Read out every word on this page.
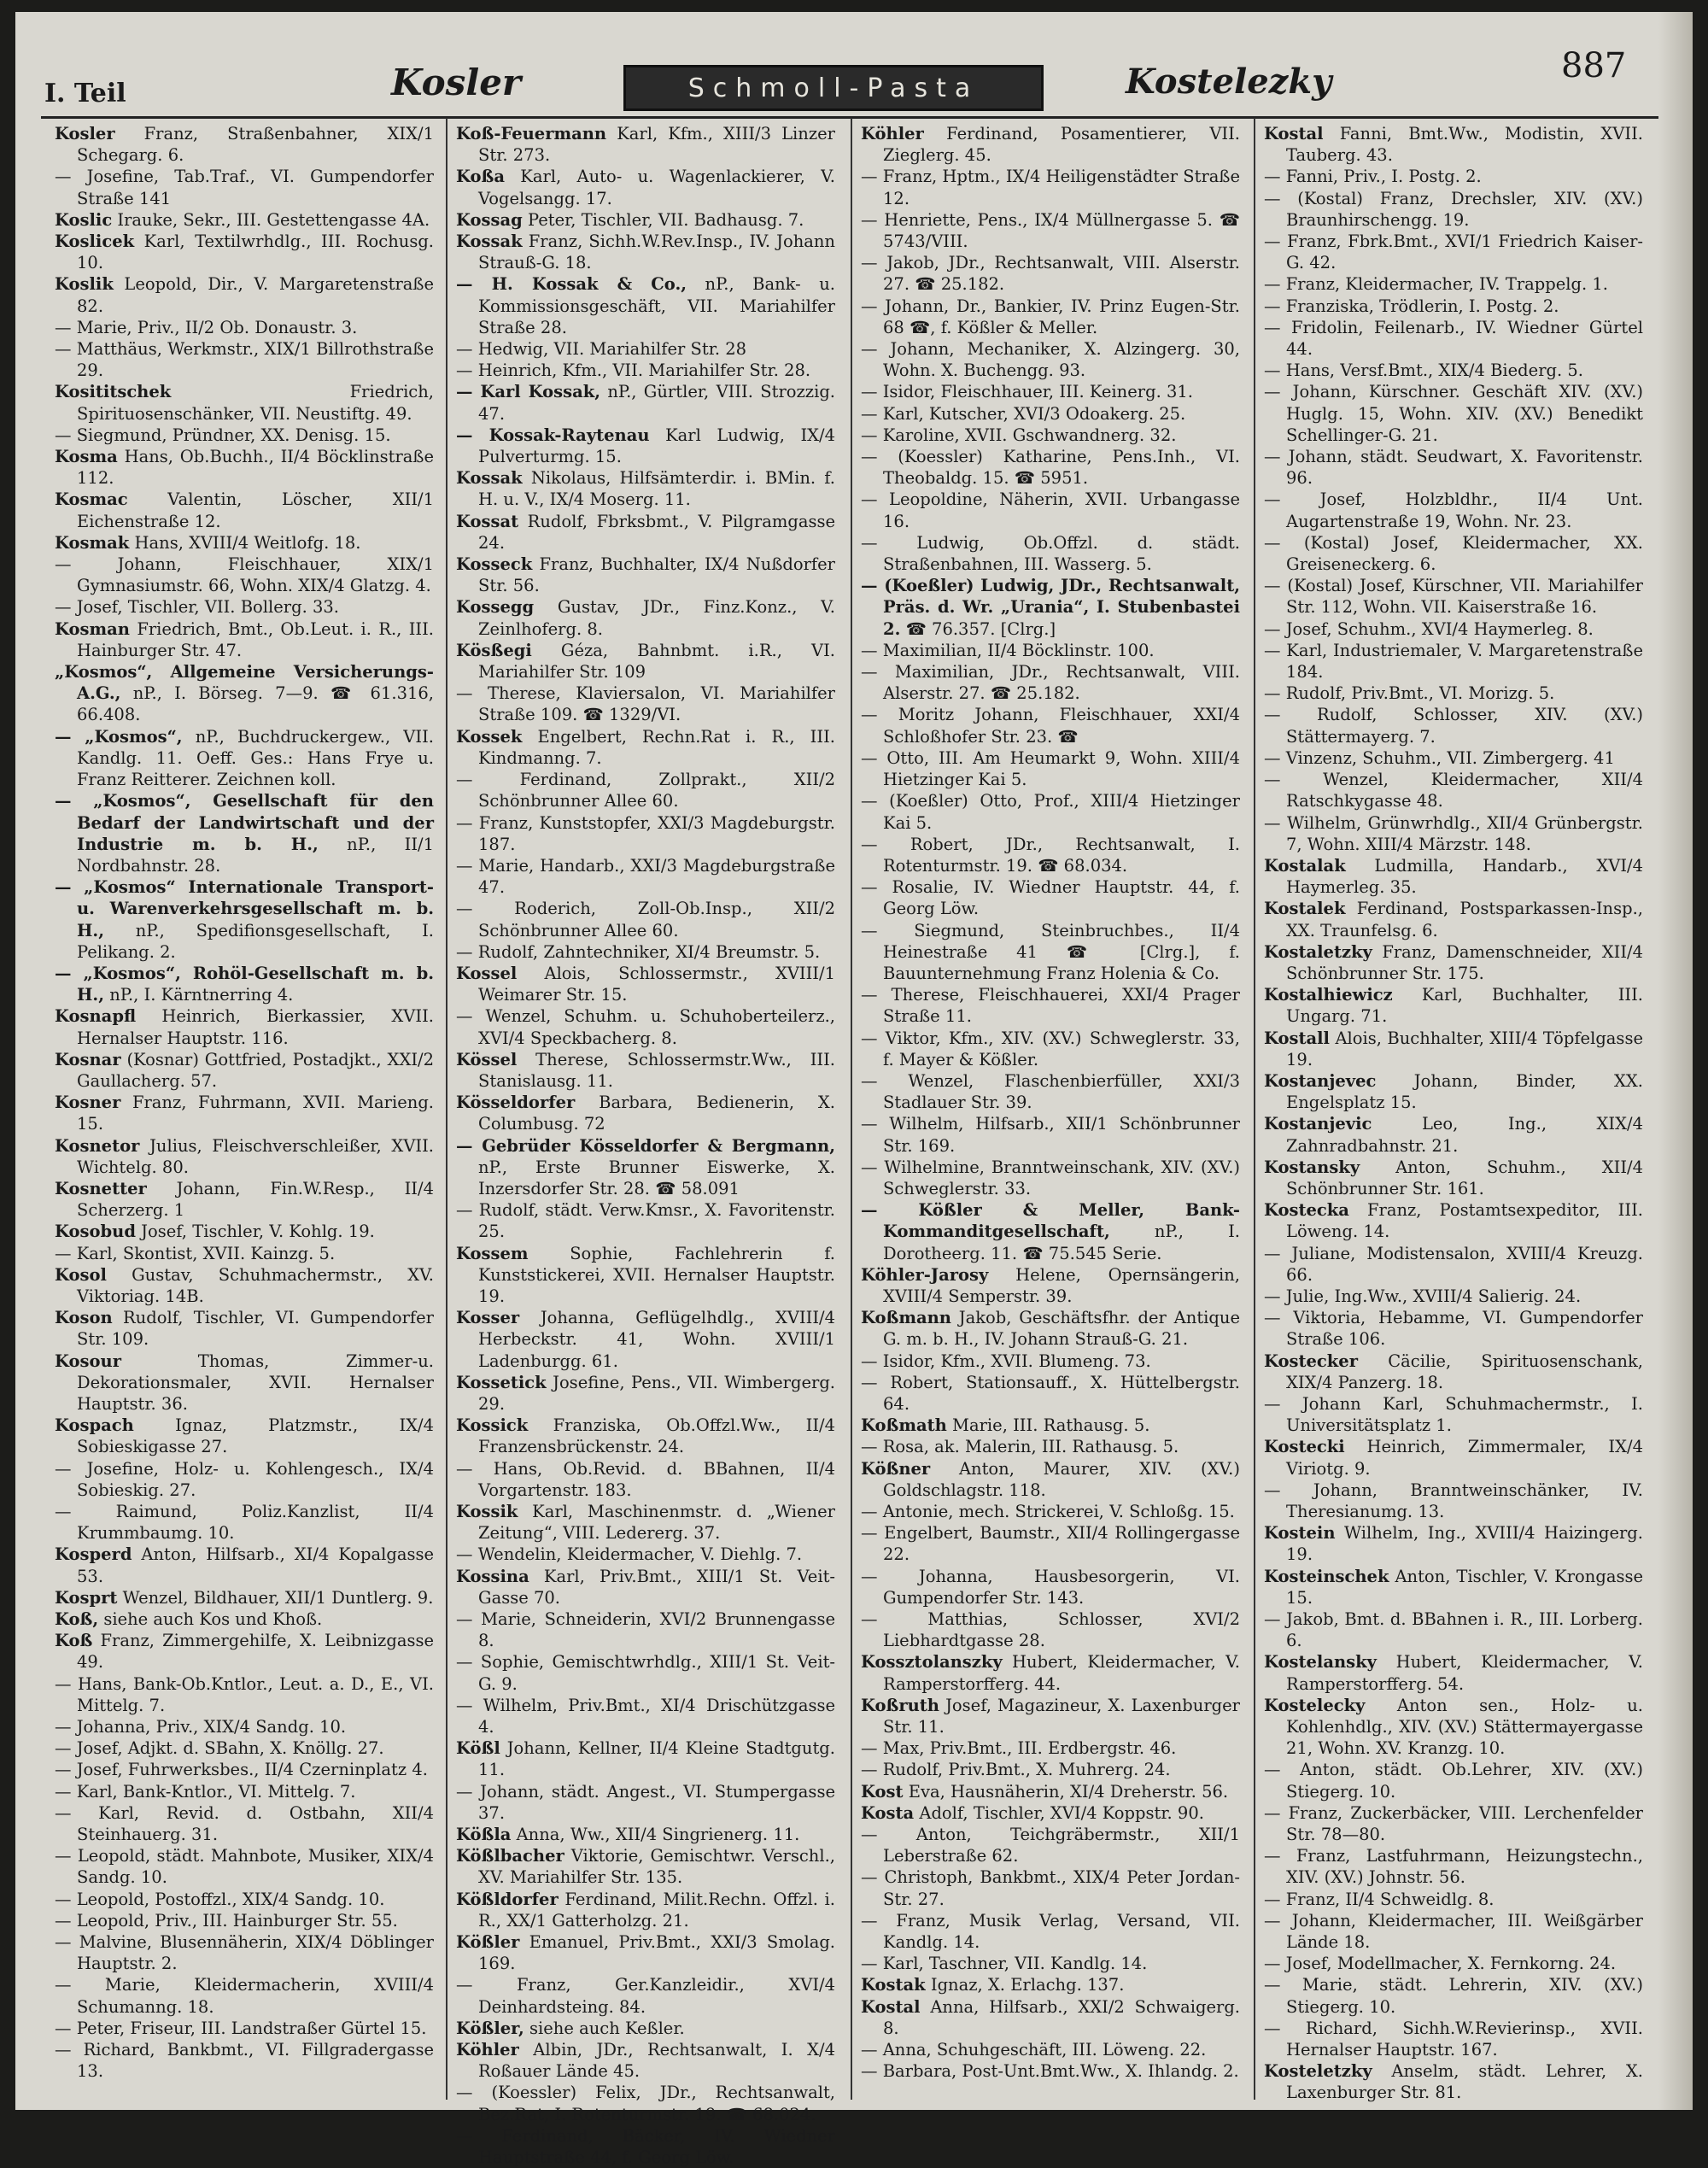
I. Teil	Kosler	Schmoll-Pasta	Kostelezky	887

Kosler Franz, Straßenbahner, XIX/1 Schegarg. 6.

— Josefine, Tab.Traf., VI. Gumpendorfer Straße 141

Koslic Irauke, Sekr., III. Gestettengasse 4A.

Koslicek Karl, Textilwrhdlg., III. Rochusg. 10.

Koslik Leopold, Dir., V. Margaretenstraße 82.

— Marie, Priv., II/2 Ob. Donaustr. 3.

— Matthäus, Werkmstr., XIX/1 Billrothstraße 29.

Kosititschek	Friedrich, Spirituosenschänker, VII. Neustiftg. 49.

— Siegmund, Pründner, XX. Denisg. 15.

Kosma Hans, Ob.Buchh., II/4 Böcklinstraße 112.

Kosmac Valentin, Löscher, XII/1 Eichenstraße 12.

Kosmak Hans, XVIII/4 Weitlofg. 18.

— Johann, Fleischhauer, XIX/1 Gymnasiumstr. 66, Wohn. XIX/4 Glatzg. 4.

— Josef, Tischler, VII. Bollerg. 33.

Kosman Friedrich, Bmt., Ob.Leut. i. R., III. Hainburger Str. 47.

„Kosmos“, Allgemeine Versicherungs-A.G., nP., I. Börseg. 7—9. ☎ 61.316, 66.408.

— „Kosmos“, nP., Buchdruckergew., VII. Kandlg. 11. Oeff. Ges.: Hans Frye u. Franz Reitterer. Zeichnen koll.

— „Kosmos“, Gesellschaft für den Bedarf der Landwirtschaft und der Industrie m. b. H., nP., II/1 Nordbahnstr. 28.

— „Kosmos“ Internationale Transport- u. Warenverkehrsgesellschaft m. b. H., nP., Spedifionsgesellschaft, I. Pelikang. 2.

— „Kosmos“, Rohöl-Gesellschaft m. b. H., nP., I. Kärntnerring 4.

Kosnapfl Heinrich, Bierkassier, XVII. Hernalser Hauptstr. 116.

Kosnar (Kosnar) Gottfried, Postadjkt., XXI/2 Gaullacherg. 57.

Kosner Franz, Fuhrmann, XVII. Marieng. 15.

Kosnetor Julius, Fleischverschleißer, XVII. Wichtelg. 80.

Kosnetter Johann, Fin.W.Resp., II/4 Scherzerg. 1

Kosobud Josef, Tischler, V. Kohlg. 19.

— Karl, Skontist, XVII. Kainzg. 5.

Kosol Gustav, Schuhmachermstr., XV. Viktoriag. 14B.

Koson Rudolf, Tischler, VI. Gumpendorfer Str. 109.

Kosour	Thomas, Zimmer-u. Dekorationsmaler, XVII. Hernalser Hauptstr. 36.

Kospach Ignaz, Platzmstr., IX/4 Sobieskigasse 27.

— Josefine, Holz- u. Kohlengesch., IX/4 Sobieskig. 27.

— Raimund, Poliz.Kanzlist, II/4 Krummbaumg. 10.

Kosperd Anton, Hilfsarb., XI/4 Kopalgasse 53.

Kosprt Wenzel, Bildhauer, XII/1 Duntlerg. 9.

Koß, siehe auch Kos und Khoß.

Koß Franz, Zimmergehilfe, X. Leibnizgasse 49.

— Hans, Bank-Ob.Kntlor., Leut. a. D., E., VI. Mittelg. 7.

— Johanna, Priv., XIX/4 Sandg. 10.

— Josef, Adjkt. d. SBahn, X. Knöllg. 27.

— Josef, Fuhrwerksbes., II/4 Czerninplatz 4.

— Karl, Bank-Kntlor., VI. Mittelg. 7.

— Karl, Revid. d. Ostbahn, XII/4 Steinhauerg. 31.

— Leopold, städt. Mahnbote, Musiker, XIX/4 Sandg. 10.

— Leopold, Postoffzl., XIX/4 Sandg. 10.

— Leopold, Priv., III. Hainburger Str. 55.

— Malvine, Blusennäherin, XIX/4 Döblinger Hauptstr. 2.

— Marie, Kleidermacherin, XVIII/4 Schumanng. 18.

— Peter, Friseur, III. Landstraßer Gürtel 15.

— Richard, Bankbmt., VI. Fillgradergasse 13.

Koß-Feuermann Karl, Kfm., XIII/3 Linzer Str. 273.

Koßa Karl, Auto- u. Wagenlackierer, V. Vogelsangg. 17.

Kossag Peter, Tischler, VII. Badhausg. 7.

Kossak Franz, Sichh.W.Rev.Insp., IV. Johann Strauß-G. 18.

— H. Kossak & Co., nP., Bank- u. Kommissionsgeschäft, VII. Mariahilfer Straße 28.

— Hedwig, VII. Mariahilfer Str. 28

— Heinrich, Kfm., VII. Mariahilfer Str. 28.

— Karl Kossak, nP., Gürtler, VIII. Strozzig. 47.

— Kossak-Raytenau Karl Ludwig, IX/4 Pulverturmg. 15.

Kossak Nikolaus, Hilfsämterdir. i. BMin. f. H. u. V., IX/4 Moserg. 11.

Kossat Rudolf, Fbrksbmt., V. Pilgramgasse 24.

Kosseck Franz, Buchhalter, IX/4 Nußdorfer Str. 56.

Kossegg Gustav, JDr., Finz.Konz., V. Zeinlhoferg. 8.

Kösßegi Géza, Bahnbmt. i.R., VI. Mariahilfer Str. 109

— Therese, Klaviersalon, VI. Mariahilfer Straße 109. ☎ 1329/VI.

Kossek Engelbert, Rechn.Rat i. R., III. Kindmanng. 7.

— Ferdinand, Zollprakt., XII/2 Schönbrunner Allee 60.

— Franz, Kunststopfer, XXI/3 Magdeburgstr. 187.

— Marie, Handarb., XXI/3 Magdeburgstraße 47.

— Roderich, Zoll-Ob.Insp., XII/2 Schönbrunner Allee 60.

— Rudolf, Zahntechniker, XI/4 Breumstr. 5.

Kossel Alois, Schlossermstr., XVIII/1 Weimarer Str. 15.

— Wenzel, Schuhm. u. Schuhoberteilerz., XVI/4 Speckbacherg. 8.

Kössel Therese, Schlossermstr.Ww., III. Stanislausg. 11.

Kösseldorfer Barbara, Bedienerin, X. Columbusg. 72

— Gebrüder Kösseldorfer & Bergmann, nP., Erste Brunner Eiswerke, X. Inzersdorfer Str. 28. ☎ 58.091

— Rudolf, städt. Verw.Kmsr., X. Favoritenstr. 25.

Kossem Sophie, Fachlehrerin f. Kunststickerei, XVII. Hernalser Hauptstr. 19.

Kosser Johanna, Geflügelhdlg., XVIII/4 Herbeckstr. 41, Wohn. XVIII/1 Ladenburgg. 61.

Kossetick Josefine, Pens., VII. Wimbergerg. 29.

Kossick Franziska, Ob.Offzl.Ww., II/4 Franzensbrückenstr. 24.

— Hans, Ob.Revid. d. BBahnen, II/4 Vorgartenstr. 183.

Kossik Karl, Maschinenmstr. d. „Wiener Zeitung“, VIII. Ledererg. 37.

— Wendelin, Kleidermacher, V. Diehlg. 7.

Kossina Karl, Priv.Bmt., XIII/1 St. Veit-Gasse 70.

— Marie, Schneiderin, XVI/2 Brunnengasse 8.

— Sophie, Gemischtwrhdlg., XIII/1 St. Veit-G. 9.

— Wilhelm, Priv.Bmt., XI/4 Drischützgasse 4.

Kößl Johann, Kellner, II/4 Kleine Stadtgutg. 11.

— Johann, städt. Angest., VI. Stumpergasse 37.

Kößla Anna, Ww., XII/4 Singrienerg. 11.

Kößlbacher Viktorie, Gemischtwr. Verschl., XV. Mariahilfer Str. 135.

Kößldorfer Ferdinand, Milit.Rechn. Offzl. i. R., XX/1 Gatterholzg. 21.

Kößler Emanuel, Priv.Bmt., XXI/3 Smolag. 169.

— Franz, Ger.Kanzleidir., XVI/4 Deinhardsteing. 84.

Kößler, siehe auch Keßler.

Köhler Albin, JDr., Rechtsanwalt, I. X/4 Roßauer Lände 45.

— (Koessler) Felix, JDr., Rechtsanwalt, Bez.Rat, I. Rotenturmstr. 19. ☎ 68.024.

— Ferdinand, Bäcker, IV. Wiedner Hauptstraße 44, f. Georg Löw.

Köhler Ferdinand, Posamentierer, VII. Zieglerg. 45.

— Franz, Hptm., IX/4 Heiligenstädter Straße 12.

— Henriette, Pens., IX/4 Müllnergasse 5. ☎ 5743/VIII.

— Jakob, JDr., Rechtsanwalt, VIII. Alserstr. 27. ☎ 25.182.

— Johann, Dr., Bankier, IV. Prinz Eugen-Str. 68 ☎, f. Kößler & Meller.

— Johann, Mechaniker, X. Alzingerg. 30, Wohn. X. Buchengg. 93.

— Isidor, Fleischhauer, III. Keinerg. 31.

— Karl, Kutscher, XVI/3 Odoakerg. 25.

— Karoline, XVII. Gschwandnerg. 32.

— (Koessler) Katharine, Pens.Inh., VI. Theobaldg. 15. ☎ 5951.

— Leopoldine, Näherin, XVII. Urbangasse 16.

— Ludwig, Ob.Offzl. d. städt. Straßenbahnen, III. Wasserg. 5.

— (Koeßler) Ludwig, JDr., Rechtsanwalt, Präs. d. Wr. „Urania“, I. Stubenbastei 2. ☎ 76.357. [Clrg.]

— Maximilian, II/4 Böcklinstr. 100.

— Maximilian, JDr., Rechtsanwalt, VIII. Alserstr. 27. ☎ 25.182.

— Moritz Johann, Fleischhauer, XXI/4 Schloßhofer Str. 23. ☎

— Otto, III. Am Heumarkt 9, Wohn. XIII/4 Hietzinger Kai 5.

— (Koeßler) Otto, Prof., XIII/4 Hietzinger Kai 5.

— Robert, JDr., Rechtsanwalt, I. Rotenturmstr. 19. ☎ 68.034.

— Rosalie, IV. Wiedner Hauptstr. 44, f. Georg Löw.

— Siegmund, Steinbruchbes., II/4 Heinestraße 41 ☎ [Clrg.], f. Bauunternehmung Franz Holenia & Co.

— Therese, Fleischhauerei, XXI/4 Prager Straße 11.

— Viktor, Kfm., XIV. (XV.) Schweglerstr. 33, f. Mayer & Kößler.

— Wenzel, Flaschenbierfüller, XXI/3 Stadlauer Str. 39.

— Wilhelm, Hilfsarb., XII/1 Schönbrunner Str. 169.

— Wilhelmine, Branntweinschank, XIV. (XV.) Schweglerstr. 33.

— Kößler & Meller, Bank-Kommanditgesellschaft,	nP., I. Dorotheerg. 11. ☎ 75.545 Serie.

Köhler-Jarosy Helene, Opernsängerin, XVIII/4 Semperstr. 39.

Koßmann Jakob, Geschäftsfhr. der Antique G. m. b. H., IV. Johann Strauß-G. 21.

— Isidor, Kfm., XVII. Blumeng. 73.

— Robert, Stationsauff., X. Hüttelbergstr. 64.

Koßmath Marie, III. Rathausg. 5.

— Rosa, ak. Malerin, III. Rathausg. 5.

Kößner Anton, Maurer, XIV. (XV.) Goldschlagstr. 118.

— Antonie, mech. Strickerei, V. Schloßg. 15.

— Engelbert, Baumstr., XII/4 Rollingergasse 22.

— Johanna, Hausbesorgerin, VI. Gumpendorfer Str. 143.

— Matthias, Schlosser, XVI/2 Liebhardtgasse 28.

Kossztolanszky Hubert, Kleidermacher, V. Ramperstorfferg. 44.

Koßruth Josef, Magazineur, X. Laxenburger Str. 11.

— Max, Priv.Bmt., III. Erdbergstr. 46.

— Rudolf, Priv.Bmt., X. Muhrerg. 24.

Kost Eva, Hausnäherin, XI/4 Dreherstr. 56.

Kosta Adolf, Tischler, XVI/4 Koppstr. 90.

— Anton, Teichgräbermstr., XII/1 Leberstraße 62.

— Christoph, Bankbmt., XIX/4 Peter Jordan-Str. 27.

— Franz, Musik Verlag, Versand, VII. Kandlg. 14.

— Karl, Taschner, VII. Kandlg. 14.

Kostak Ignaz, X. Erlachg. 137.

Kostal Anna, Hilfsarb., XXI/2 Schwaigerg. 8.

— Anna, Schuhgeschäft, III. Löweng. 22.

— Barbara, Post-Unt.Bmt.Ww., X. Ihlandg. 2.

Kostal Fanni, Bmt.Ww., Modistin, XVII. Tauberg. 43.

— Fanni, Priv., I. Postg. 2.

— (Kostal) Franz, Drechsler, XIV. (XV.) Braunhirschengg. 19.

— Franz, Fbrk.Bmt., XVI/1 Friedrich Kaiser-G. 42.

— Franz, Kleidermacher, IV. Trappelg. 1.

— Franziska, Trödlerin, I. Postg. 2.

— Fridolin, Feilenarb., IV. Wiedner Gürtel 44.

— Hans, Versf.Bmt., XIX/4 Biederg. 5.

— Johann, Kürschner. Geschäft XIV. (XV.) Huglg. 15, Wohn. XIV. (XV.) Benedikt Schellinger-G. 21.

— Johann, städt. Seudwart, X. Favoritenstr. 96.

— Josef, Holzbldhr., II/4 Unt. Augartenstraße 19, Wohn. Nr. 23.

— (Kostal) Josef, Kleidermacher, XX. Greiseneckerg. 6.

— (Kostal) Josef, Kürschner, VII. Mariahilfer Str. 112, Wohn. VII. Kaiserstraße 16.

— Josef, Schuhm., XVI/4 Haymerleg. 8.

— Karl, Industriemaler, V. Margaretenstraße 184.

— Rudolf, Priv.Bmt., VI. Morizg. 5.

— Rudolf, Schlosser, XIV. (XV.) Stättermayerg. 7.

— Vinzenz, Schuhm., VII. Zimbergerg. 41

— Wenzel, Kleidermacher, XII/4 Ratschkygasse 48.

— Wilhelm, Grünwrhdlg., XII/4 Grünbergstr. 7, Wohn. XIII/4 Märzstr. 148.

Kostalak Ludmilla, Handarb., XVI/4 Haymerleg. 35.

Kostalek Ferdinand, Postsparkassen-Insp., XX. Traunfelsg. 6.

Kostaletzky Franz, Damenschneider, XII/4 Schönbrunner Str. 175.

Kostalhiewicz Karl, Buchhalter, III. Ungarg. 71.

Kostall Alois, Buchhalter, XIII/4 Töpfelgasse 19.

Kostanjevec Johann, Binder, XX. Engelsplatz 15.

Kostanjevic	Leo, Ing., XIX/4 Zahnradbahnstr. 21.

Kostansky Anton, Schuhm., XII/4 Schönbrunner Str. 161.

Kostecka Franz, Postamtsexpeditor, III. Löweng. 14.

— Juliane, Modistensalon, XVIII/4 Kreuzg. 66.

— Julie, Ing.Ww., XVIII/4 Salierig. 24.

— Viktoria, Hebamme, VI. Gumpendorfer Straße 106.

Kostecker Cäcilie, Spirituosenschank, XIX/4 Panzerg. 18.

— Johann Karl, Schuhmachermstr., I. Universitätsplatz 1.

Kostecki Heinrich, Zimmermaler, IX/4 Viriotg. 9.

— Johann, Branntweinschänker, IV. Theresianumg. 13.

Kostein Wilhelm, Ing., XVIII/4 Haizingerg. 19.

Kosteinschek Anton, Tischler, V. Krongasse 15.

— Jakob, Bmt. d. BBahnen i. R., III. Lorberg. 6.

Kostelansky Hubert, Kleidermacher, V. Ramperstorfferg. 54.

Kostelecky Anton sen., Holz- u. Kohlenhdlg., XIV. (XV.) Stättermayergasse 21, Wohn. XV. Kranzg. 10.

— Anton, städt. Ob.Lehrer, XIV. (XV.) Stiegerg. 10.

— Franz, Zuckerbäcker, VIII. Lerchenfelder Str. 78—80.

— Franz, Lastfuhrmann, Heizungstechn., XIV. (XV.) Johnstr. 56.

— Franz, II/4 Schweidlg. 8.

— Johann, Kleidermacher, III. Weißgärber Lände 18.

— Josef, Modellmacher, X. Fernkorng. 24.

— Marie, städt. Lehrerin, XIV. (XV.) Stiegerg. 10.

— Richard, Sichh.W.Revierinsp., XVII. Hernalser Hauptstr. 167.

Kosteletzky Anselm, städt. Lehrer, X. Laxenburger Str. 81.
